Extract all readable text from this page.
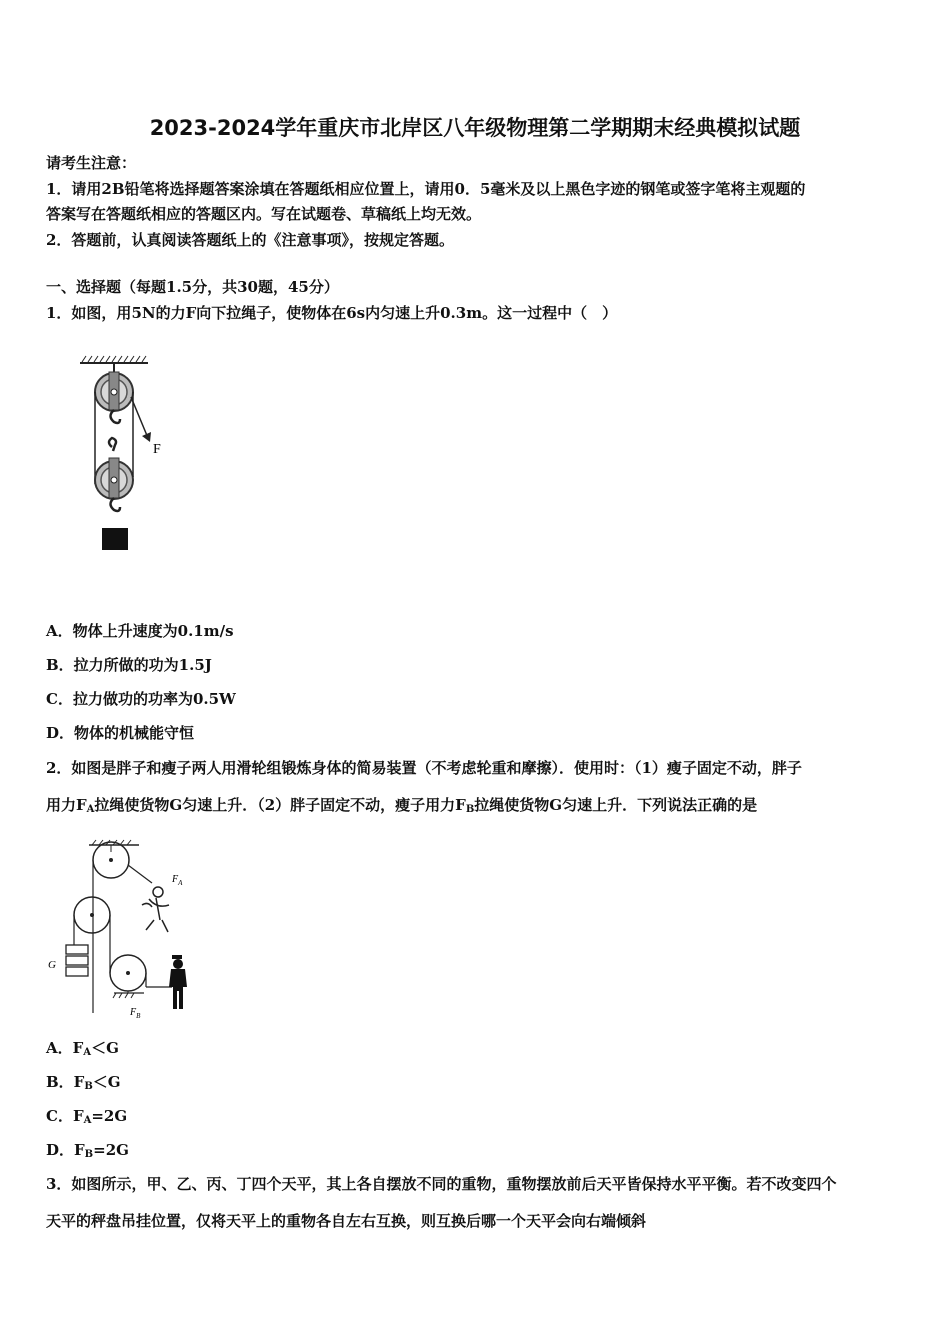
2023-2024学年重庆市北岸区八年级物理第二学期期末经典模拟试题
请考生注意：
1．请用2B铅笔将选择题答案涂填在答题纸相应位置上，请用0．5毫米及以上黑色字迹的钢笔或签字笔将主观题的
答案写在答题纸相应的答题区内。写在试题卷、草稿纸上均无效。
2．答题前，认真阅读答题纸上的《注意事项》，按规定答题。
一、选择题（每题1.5分，共30题，45分）
1．如图，用5N的力F向下拉绳子，使物体在6s内匀速上升0.3m。这一过程中（　）
F
A．物体上升速度为0.1m/s
B．拉力所做的功为1.5J
C．拉力做功的功率为0.5W
D．物体的机械能守恒
2．如图是胖子和瘦子两人用滑轮组锻炼身体的简易装置（不考虑轮重和摩擦）．使用时：（1）瘦子固定不动，胖子
用力$F_A$拉绳使货物G匀速上升．（2）胖子固定不动，瘦子用力$F_B$拉绳使货物G匀速上升．下列说法正确的是
$F_A$
G
$F_B$
A．$F_A<G$
B．$F_B<G$
C．$F_A=2G$
D．$F_B=2G$
3．如图所示，甲、乙、丙、丁四个天平，其上各自摆放不同的重物，重物摆放前后天平皆保持水平平衡。若不改变四个
天平的秤盘吊挂位置，仅将天平上的重物各自左右互换，则互换后哪一个天平会向右端倾斜
